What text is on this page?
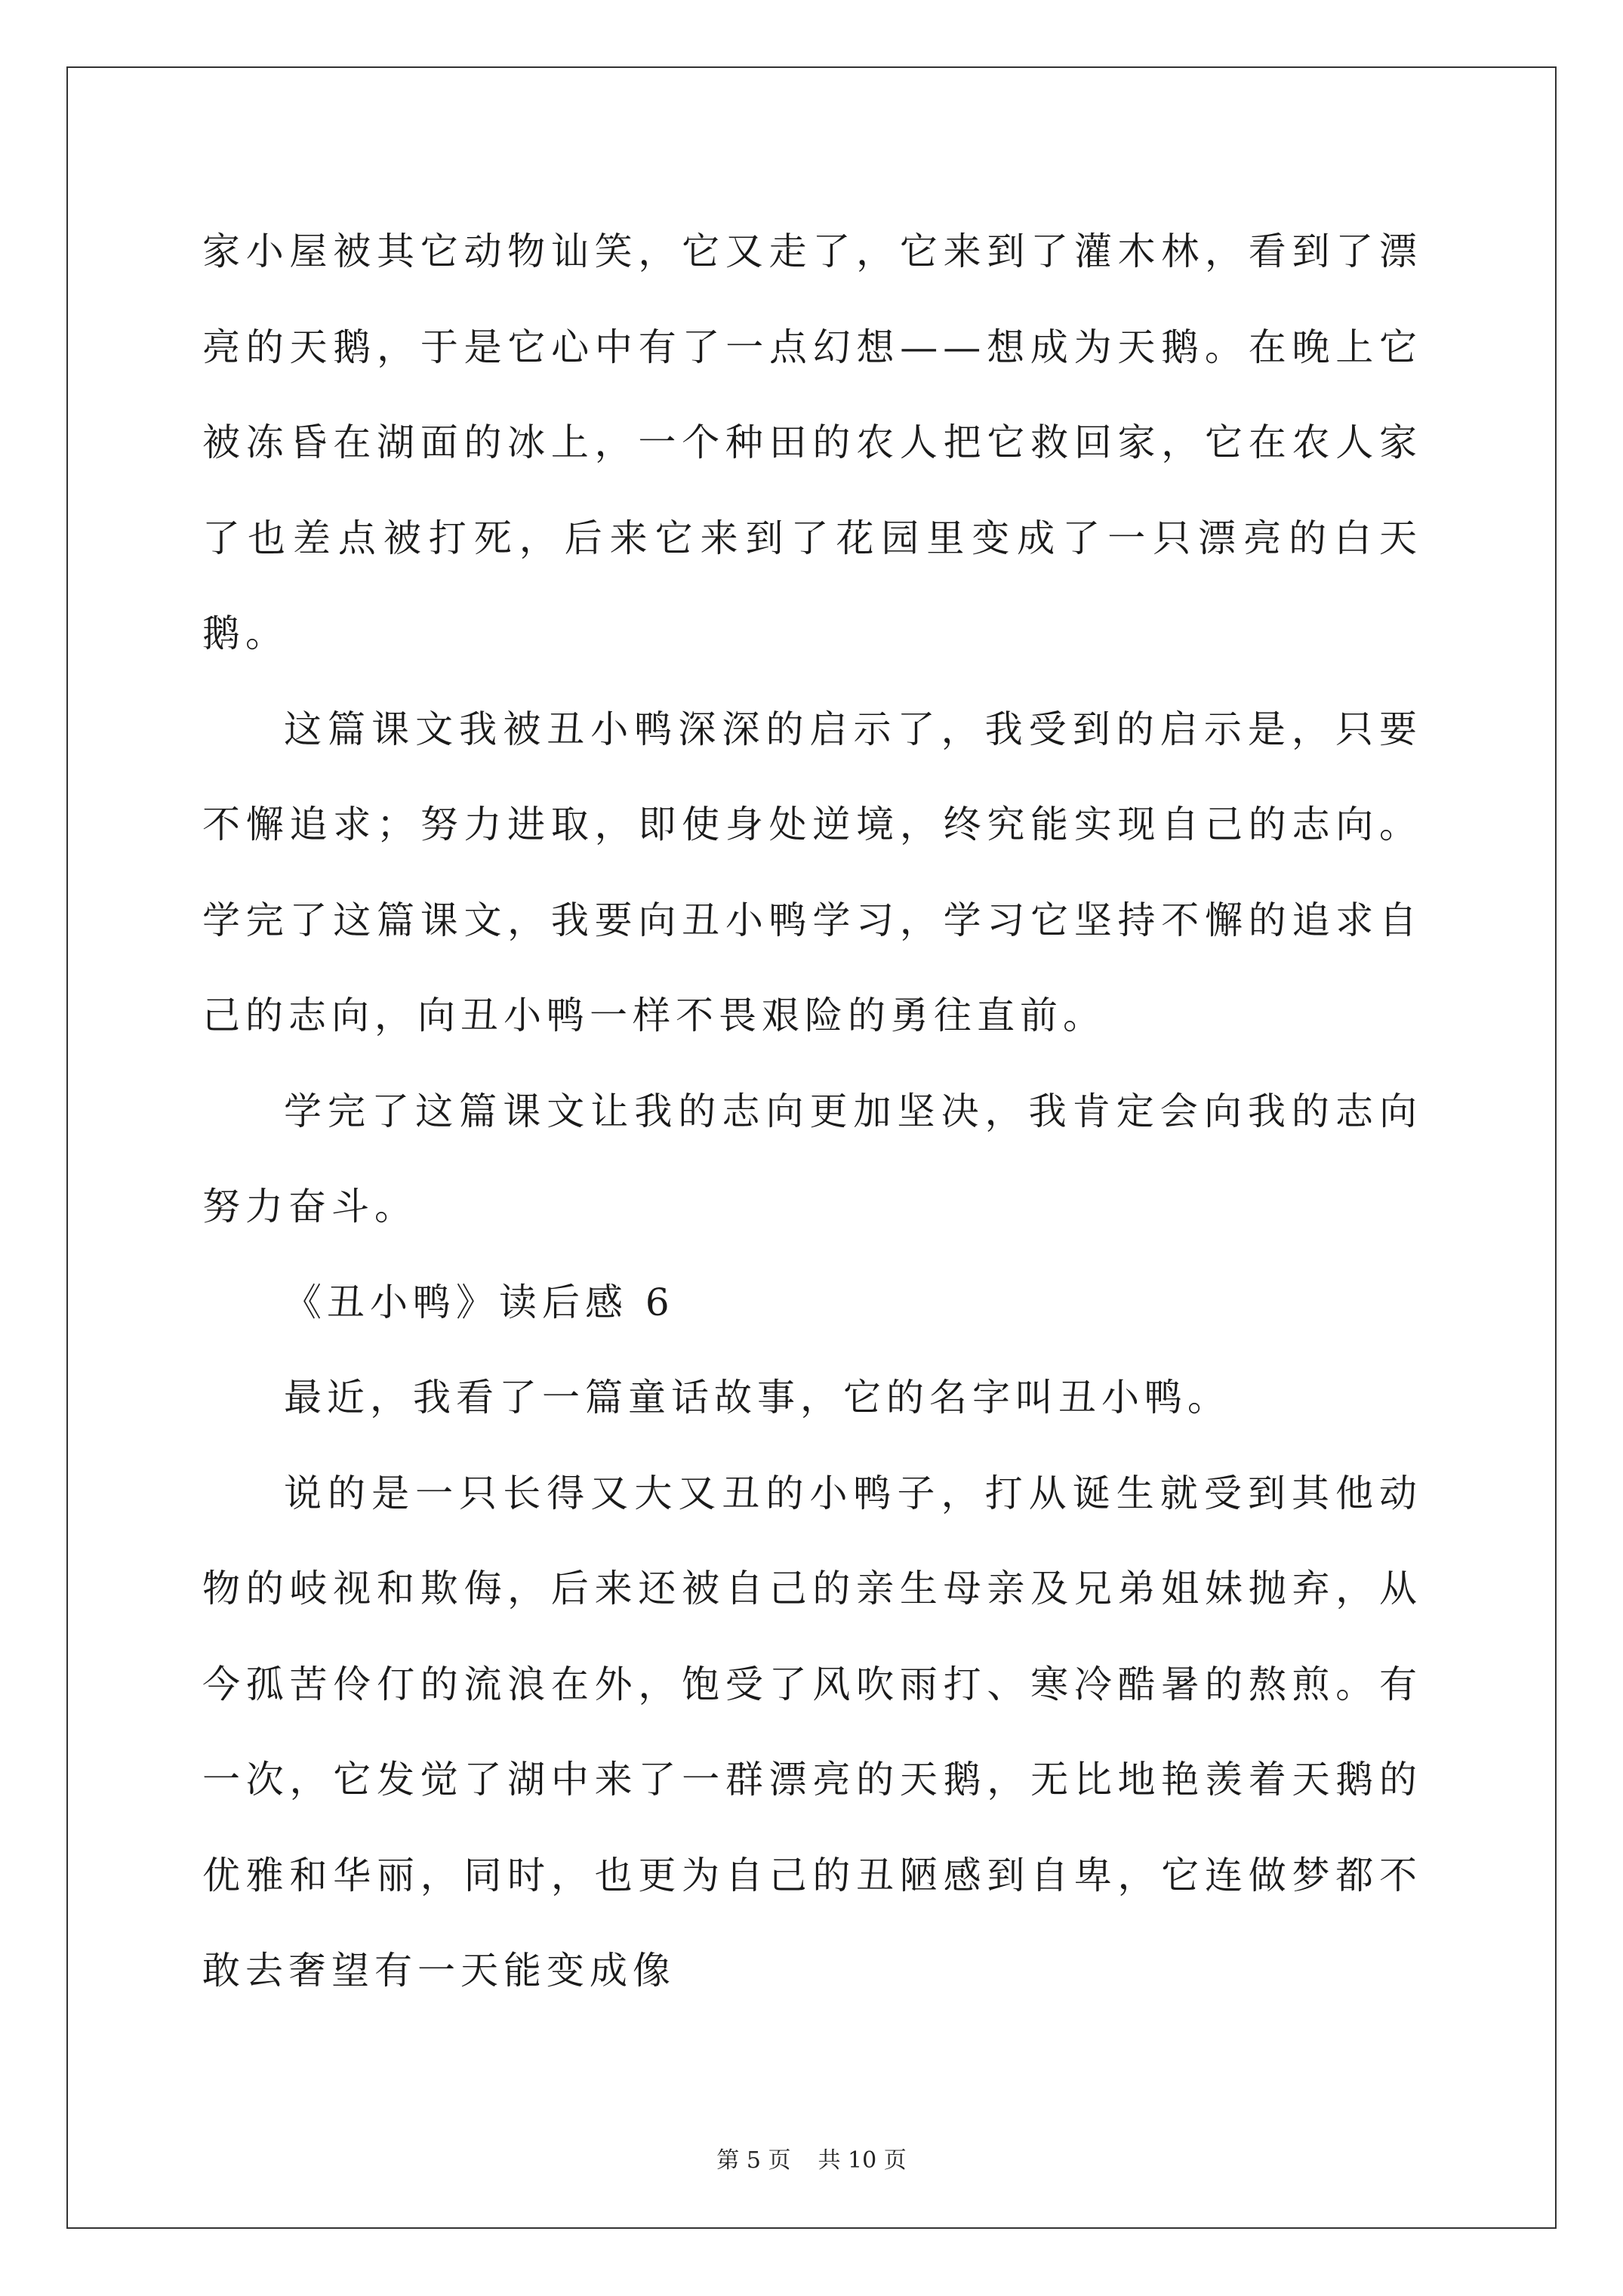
家小屋被其它动物讪笑，它又走了，它来到了灌木林，看到了漂亮的天鹅，于是它心中有了一点幻想——想成为天鹅。在晚上它被冻昏在湖面的冰上，一个种田的农人把它救回家，它在农人家了也差点被打死，后来它来到了花园里变成了一只漂亮的白天鹅。

这篇课文我被丑小鸭深深的启示了，我受到的启示是，只要不懈追求；努力进取，即使身处逆境，终究能实现自己的志向。学完了这篇课文，我要向丑小鸭学习，学习它坚持不懈的追求自己的志向，向丑小鸭一样不畏艰险的勇往直前。

学完了这篇课文让我的志向更加坚决，我肯定会向我的志向努力奋斗。

《丑小鸭》读后感 6

最近，我看了一篇童话故事，它的名字叫丑小鸭。

说的是一只长得又大又丑的小鸭子，打从诞生就受到其他动物的岐视和欺侮，后来还被自己的亲生母亲及兄弟姐妹抛弃，从今孤苦伶仃的流浪在外，饱受了风吹雨打、寒冷酷暑的熬煎。有一次，它发觉了湖中来了一群漂亮的天鹅，无比地艳羡着天鹅的优雅和华丽，同时，也更为自己的丑陋感到自卑，它连做梦都不敢去奢望有一天能变成像

第 5 页 共 10 页
